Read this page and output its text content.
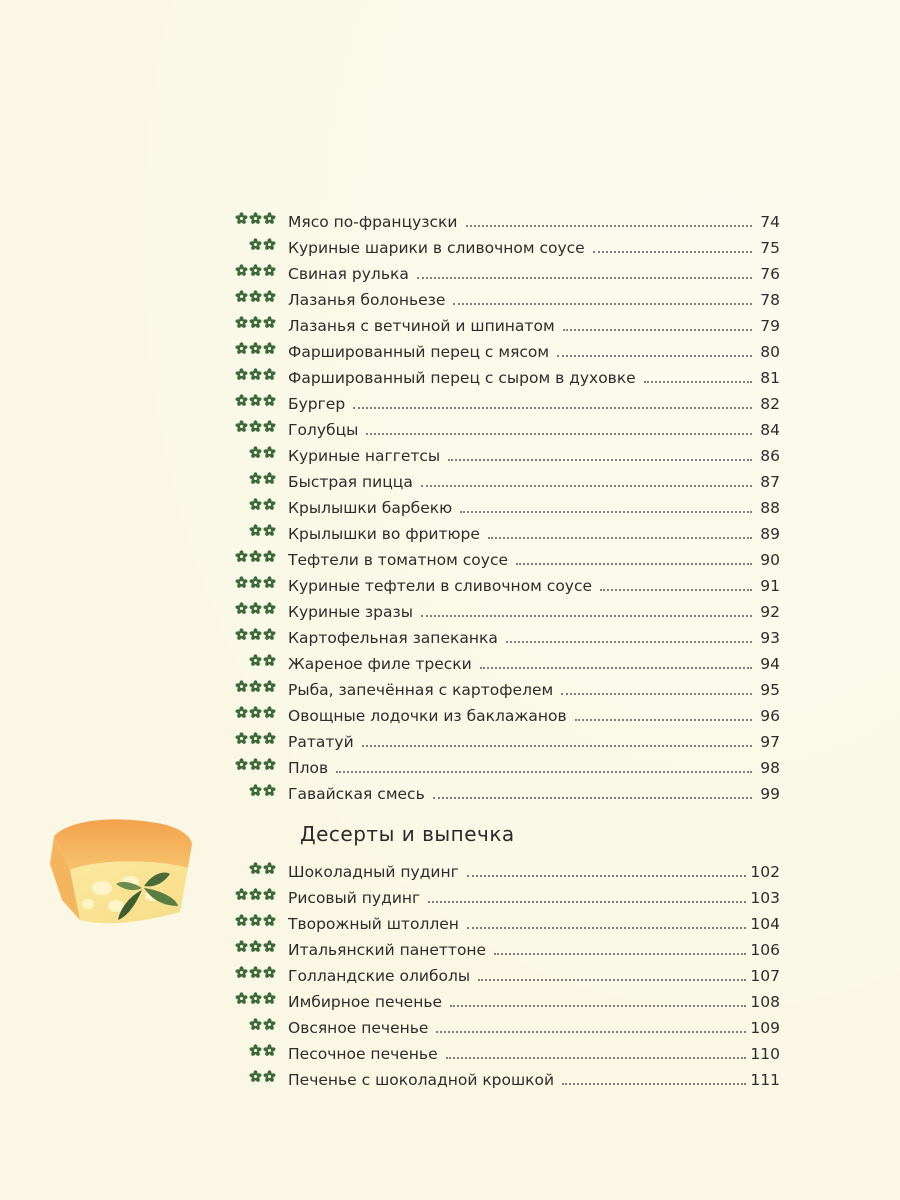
Мясо по-французски	74
Куриные шарики в сливочном соусе	75
Свиная рулька	76
Лазанья болоньезе	78
Лазанья с ветчиной и шпинатом	79
Фаршированный перец с мясом	80
Фаршированный перец с сыром в духовке	81
Бургер	82
Голубцы	84
Куриные наггетсы	86
Быстрая пицца	87
Крылышки барбекю	88
Крылышки во фритюре	89
Тефтели в томатном соусе	90
Куриные тефтели в сливочном соусе	91
Куриные зразы	92
Картофельная запеканка	93
Жареное филе трески	94
Рыба, запечённая с картофелем	95
Овощные лодочки из баклажанов	96
Рататуй	97
Плов	98
Гавайская смесь	99
Десерты и выпечка
Шоколадный пудинг	102
Рисовый пудинг	103
Творожный штоллен	104
Итальянский панеттоне	106
Голландские олиболы	107
Имбирное печенье	108
Овсяное печенье	109
Песочное печенье	110
Печенье с шоколадной крошкой	111
